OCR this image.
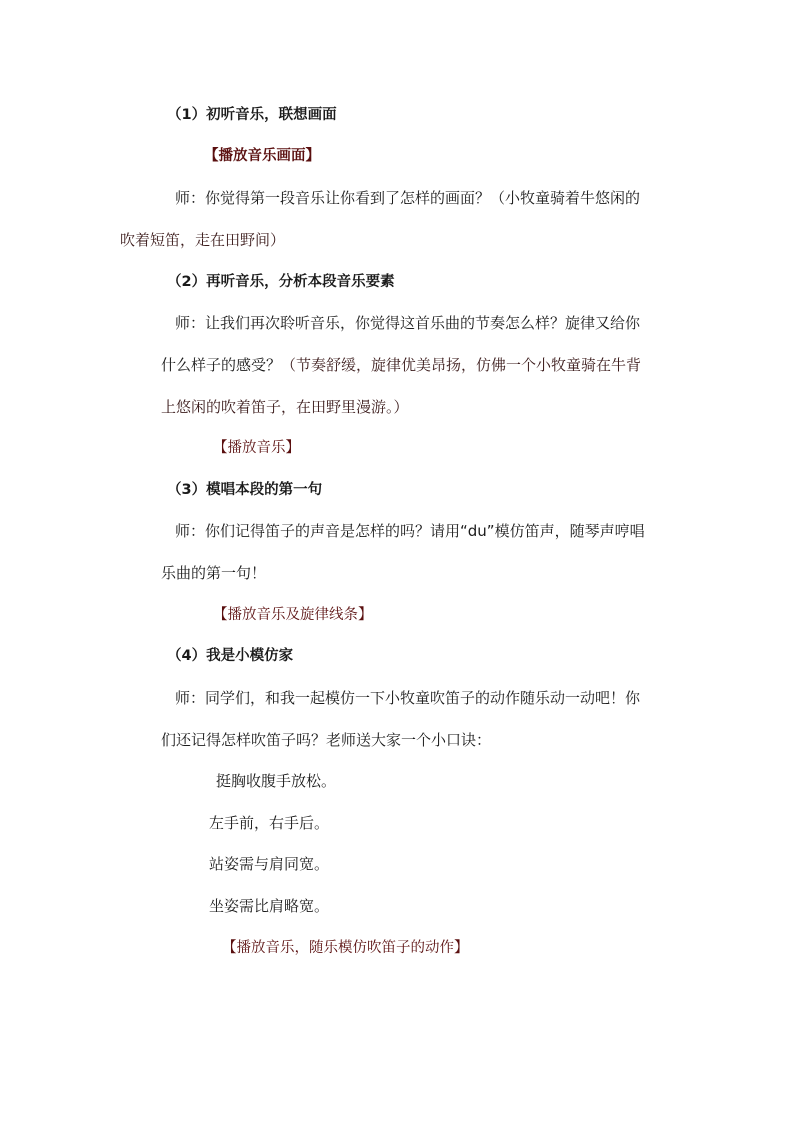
（1）初听音乐，联想画面
【播放音乐画面】
师：你觉得第一段音乐让你看到了怎样的画面？（小牧童骑着牛悠闲的
吹着短笛，走在田野间）
（2）再听音乐，分析本段音乐要素
师：让我们再次聆听音乐，你觉得这首乐曲的节奏怎么样？旋律又给你
什么样子的感受？（节奏舒缓，旋律优美昂扬，仿佛一个小牧童骑在牛背
上悠闲的吹着笛子，在田野里漫游。）
【播放音乐】
（3）模唱本段的第一句
师：你们记得笛子的声音是怎样的吗？请用“du”模仿笛声，随琴声哼唱
乐曲的第一句！
【播放音乐及旋律线条】
（4）我是小模仿家
师：同学们，和我一起模仿一下小牧童吹笛子的动作随乐动一动吧！你
们还记得怎样吹笛子吗？老师送大家一个小口诀：
挺胸收腹手放松。
左手前，右手后。
站姿需与肩同宽。
坐姿需比肩略宽。
【播放音乐，随乐模仿吹笛子的动作】
